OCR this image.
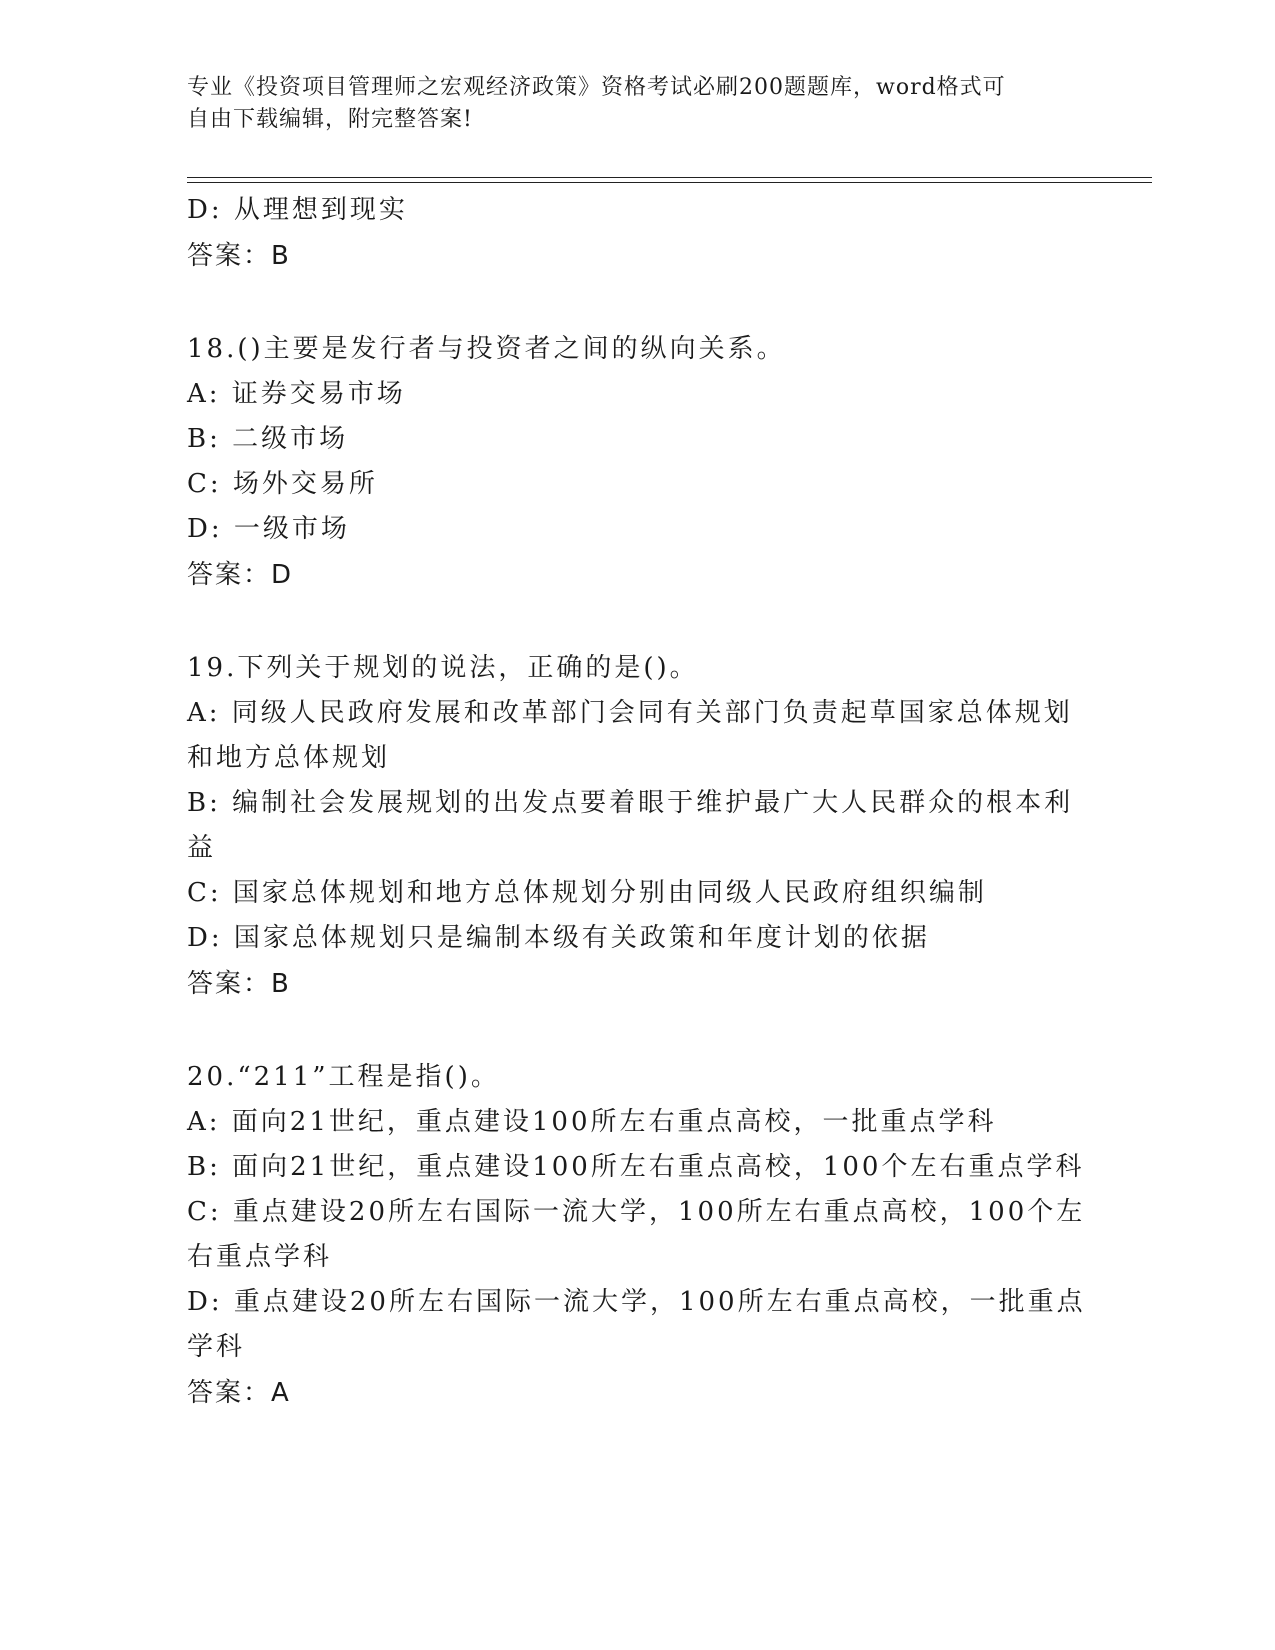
专业《投资项目管理师之宏观经济政策》资格考试必刷200题题库，word格式可

自由下载编辑，附完整答案!

D: 从理想到现实

答案：B

18.()主要是发行者与投资者之间的纵向关系。

A: 证券交易市场

B: 二级市场

C: 场外交易所

D: 一级市场

答案：D

19.下列关于规划的说法，正确的是()。

A: 同级人民政府发展和改革部门会同有关部门负责起草国家总体规划和地方总体规划

B: 编制社会发展规划的出发点要着眼于维护最广大人民群众的根本利益

C: 国家总体规划和地方总体规划分别由同级人民政府组织编制

D: 国家总体规划只是编制本级有关政策和年度计划的依据

答案：B

20.“211”工程是指()。

A: 面向21世纪，重点建设100所左右重点高校，一批重点学科

B: 面向21世纪，重点建设100所左右重点高校，100个左右重点学科

C: 重点建设20所左右国际一流大学，100所左右重点高校，100个左右重点学科

D: 重点建设20所左右国际一流大学，100所左右重点高校，一批重点学科

答案：A
